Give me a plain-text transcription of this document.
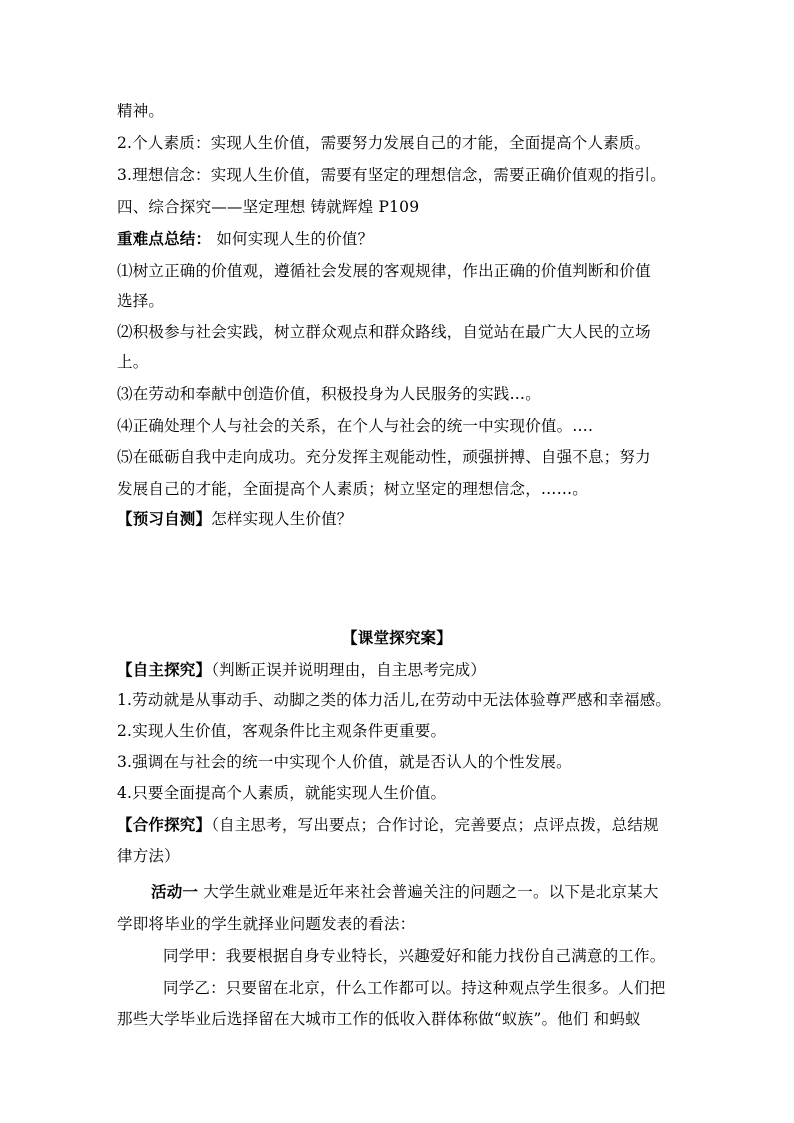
精神。
2.个人素质：实现人生价值，需要努力发展自己的才能，全面提高个人素质。
3.理想信念：实现人生价值，需要有坚定的理想信念，需要正确价值观的指引。
四、综合探究——坚定理想 铸就辉煌 P109
重难点总结： 如何实现人生的价值？
⑴树立正确的价值观，遵循社会发展的客观规律，作出正确的价值判断和价值
选择。
⑵积极参与社会实践，树立群众观点和群众路线，自觉站在最广大人民的立场
上。
⑶在劳动和奉献中创造价值，积极投身为人民服务的实践…。
⑷正确处理个人与社会的关系，在个人与社会的统一中实现价值。….
⑸在砥砺自我中走向成功。充分发挥主观能动性，顽强拼搏、自强不息；努力
发展自己的才能，全面提高个人素质；树立坚定的理想信念，……。
【预习自测】怎样实现人生价值？
【课堂探究案】
【自主探究】（判断正误并说明理由，自主思考完成）
1.劳动就是从事动手、动脚之类的体力活儿,在劳动中无法体验尊严感和幸福感。
2.实现人生价值，客观条件比主观条件更重要。
3.强调在与社会的统一中实现个人价值，就是否认人的个性发展。
4.只要全面提高个人素质，就能实现人生价值。
【合作探究】（自主思考，写出要点；合作讨论，完善要点；点评点拨，总结规
律方法）
活动一 大学生就业难是近年来社会普遍关注的问题之一。以下是北京某大
学即将毕业的学生就择业问题发表的看法：
同学甲：我要根据自身专业特长，兴趣爱好和能力找份自己满意的工作。
同学乙：只要留在北京，什么工作都可以。持这种观点学生很多。人们把
那些大学毕业后选择留在大城市工作的低收入群体称做“蚁族”。他们 和蚂蚁
